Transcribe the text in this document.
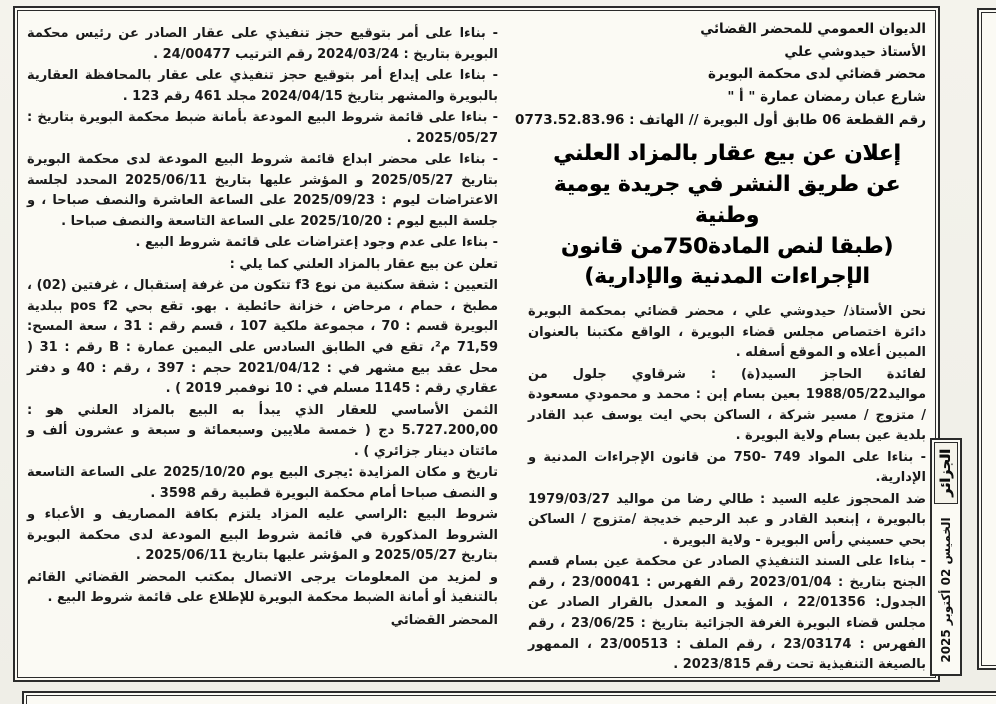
الديوان العمومي للمحضر القضائي
الأستاذ حيدوشي علي
محضر قضائي لدى محكمة البويرة
شارع عبان رمضان عمارة " أ "
رقم القطعة 06 طابق أول البويرة // الهاتف : 0773.52.83.96
إعلان عن بيع عقار بالمزاد العلني
عن طريق النشر في جريدة يومية
وطنية
(طبقا لنص المادة750من قانون
الإجراءات المدنية والإدارية)

نحن الأستاذ/ حيدوشي علي ، محضر قضائي بمحكمة البويرة دائرة اختصاص مجلس قضاء البويرة ، الواقع مكتبنا بالعنوان المبين أعلاه و الموقع أسفله .

لفائدة الحاجز السيد(ة) : شرقاوي جلول من مواليد1988/05/22 بعين بسام إبن : محمد و محمودي مسعودة / متزوج / مسير شركة ، الساكن بحي ايت يوسف عبد القادر بلدية عين بسام ولاية البويرة .

- بناءا على المواد 749 -750 من قانون الإجراءات المدنية و الإدارية.

ضد المحجوز عليه السيد : طالي رضا من مواليد 1979/03/27 بالبويرة ، إبنعبد القادر و عبد الرحيم خديجة /متزوج / الساكن بحي حسيني رأس البويرة - ولاية البويرة .

- بناءا على السند التنفيذي الصادر عن محكمة عين بسام قسم الجنح بتاريخ : 2023/01/04 رقم الفهرس : 23/00041 ، رقم الجدول: 22/01356 ، المؤيد و المعدل بالقرار الصادر عن مجلس قضاء البويرة الغرفة الجزائية بتاريخ : 23/06/25 ، رقم الفهرس : 23/03174 ، رقم الملف : 23/00513 ، الممهور بالصيغة التنفيذية تحت رقم 2023/815 .

- بناءا على أمر بتوقيع حجز تنفيذي على عقار الصادر عن رئيس محكمة البويرة بتاريخ : 2024/03/24 رقم الترتيب 24/00477 .

- بناءا على إيداع أمر بتوقيع حجز تنفيذي على عقار بالمحافظة العقارية بالبويرة والمشهر بتاريخ 2024/04/15 مجلد 461 رقم 123 .

- بناءا على قائمة شروط البيع المودعة بأمانة ضبط محكمة البويرة بتاريخ : 2025/05/27 .

- بناءا على محضر ابداع قائمة شروط البيع المودعة لدى محكمة البويرة بتاريخ 2025/05/27 و المؤشر عليها بتاريخ 2025/06/11 المحدد لجلسة الاعتراضات ليوم : 2025/09/23 على الساعة العاشرة والنصف صباحا ، و جلسة البيع ليوم : 2025/10/20 على الساعة التاسعة والنصف صباحا .

- بناءا على عدم وجود إعتراضات على قائمة شروط البيع .

تعلن عن بيع عقار بالمزاد العلني كما يلي :

التعيين : شقة سكنية من نوع f3 تتكون من غرفة إستقبال ، غرفتين (02) ، مطبخ ، حمام ، مرحاض ، خزانة حائطية . بهو. تقع بحي pos f2 ببلدية البويرة قسم : 70 ، مجموعة ملكية 107 ، قسم رقم : 31 ، سعة المسح: 71,59 م²، تقع في الطابق السادس على اليمين عمارة : B رقم : 31 ( محل عقد بيع مشهر في : 2021/04/12 حجم : 397 ، رقم : 40 و دفتر عقاري رقم : 1145 مسلم في : 10 نوفمبر 2019 ) .

الثمن الأساسي للعقار الذي يبدأ به البيع بالمزاد العلني هو : 5.727.200,00 دج ( خمسة ملايين وسبعمائة و سبعة و عشرون ألف و مائتان دينار جزائري ) .

تاريخ و مكان المزايدة :يجرى البيع يوم 2025/10/20 على الساعة التاسعة و النصف صباحا أمام محكمة البويرة قطبية رقم 3598 .

شروط البيع :الراسي عليه المزاد يلتزم بكافة المصاريف و الأعباء و الشروط المذكورة في قائمة شروط البيع المودعة لدى محكمة البويرة بتاريخ 2025/05/27 و المؤشر عليها بتاريخ 2025/06/11 .

و لمزيد من المعلومات يرجى الاتصال بمكتب المحضر القضائي القائم بالتنفيذ أو أمانة الضبط محكمة البويرة للإطلاع على قائمة شروط البيع .

المحضر القضائي

الجزائر
الخميس 02 أكتوبر 2025
